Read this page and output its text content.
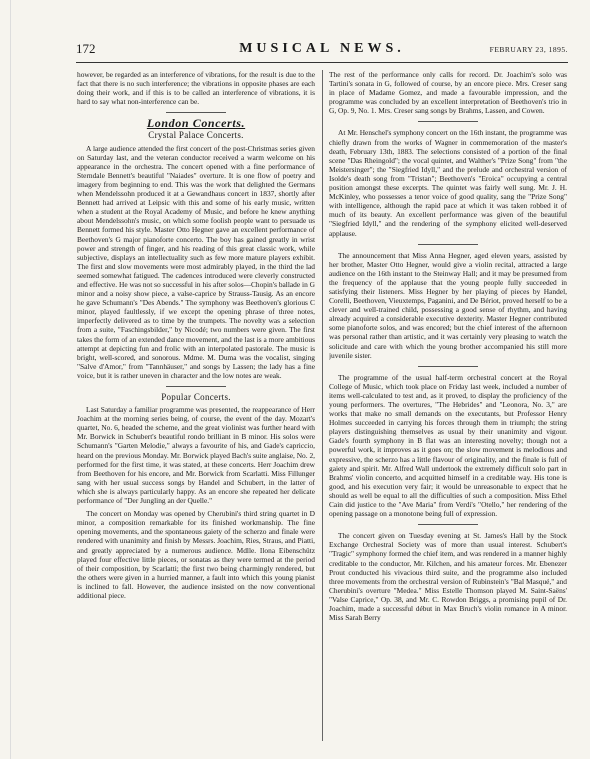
172	MUSICAL NEWS.	FEBRUARY 23, 1895.

however, be regarded as an interference of vibrations, for the result is due to the fact that there is no such interference; the vibrations in opposite phases are each doing their work, and if this is to be called an interference of vibrations, it is hard to say what non-interference can be.

London Concerts.
Crystal Palace Concerts.

A large audience attended the first concert of the post-Christmas series given on Saturday last, and the veteran conductor received a warm welcome on his appearance in the orchestra. The concert opened with a fine performance of Sterndale Bennett's beautiful "Naiades" overture. It is one flow of poetry and imagery from beginning to end. This was the work that delighted the Germans when Mendelssohn produced it at a Gewandhaus concert in 1837, shortly after Bennett had arrived at Leipsic with this and some of his early music, written when a student at the Royal Academy of Music, and before he knew anything about Mendelssohn's music, on which some foolish people want to persuade us Bennett formed his style. Master Otto Hegner gave an excellent performance of Beethoven's G major pianoforte concerto. The boy has gained greatly in wrist power and strength of finger, and his reading of this great classic work, while subjective, displays an intellectuality such as few more mature players exhibit. The first and slow movements were most admirably played, in the third the lad seemed somewhat fatigued. The cadences introduced were cleverly constructed and effective. He was not so successful in his after solos—Chopin's ballade in G minor and a noisy show piece, a valse-caprice by Strauss-Tausig. As an encore he gave Schumann's "Des Abends." The symphony was Beethoven's glorious C minor, played faultlessly, if we except the opening phrase of three notes, imperfectly delivered as to time by the trumpets. The novelty was a selection from a suite, "Faschingsbilder," by Nicodé; two numbers were given. The first takes the form of an extended dance movement, and the last is a more ambitious attempt at depicting fun and frolic with an interpolated pastorale. The music is bright, well-scored, and sonorous. Mdme. M. Duma was the vocalist, singing "Salve d'Amor," from "Tannhäuser," and songs by Lassen; the lady has a fine voice, but it is rather uneven in character and the low notes are weak.

Popular Concerts.

Last Saturday a familiar programme was presented, the reappearance of Herr Joachim at the morning series being, of course, the event of the day. Mozart's quartet, No. 6, headed the scheme, and the great violinist was further heard with Mr. Borwick in Schubert's beautiful rondo brilliant in B minor. His solos were Schumann's "Garten Melodie," always a favourite of his, and Gade's capriccio, heard on the previous Monday. Mr. Borwick played Bach's suite anglaise, No. 2, performed for the first time, it was stated, at these concerts. Herr Joachim drew from Beethoven for his encore, and Mr. Borwick from Scarlatti. Miss Fillunger sang with her usual success songs by Handel and Schubert, in the latter of which she is always particularly happy. As an encore she repeated her delicate performance of "Der Jungling an der Quelle."

The concert on Monday was opened by Cherubini's third string quartet in D minor, a composition remarkable for its finished workmanship. The fine opening movements, and the spontaneous gaiety of the scherzo and finale were rendered with unanimity and finish by Messrs. Joachim, Ries, Straus, and Piatti, and greatly appreciated by a numerous audience. Mdlle. Ilona Eibenschütz played four effective little pieces, or sonatas as they were termed at the period of their composition, by Scarlatti; the first two being charmingly rendered, but the others were given in a hurried manner, a fault into which this young pianist is inclined to fall. However, the audience insisted on the now conventional additional piece.

The rest of the performance only calls for record. Dr. Joachim's solo was Tartini's sonata in G, followed of course, by an encore piece. Mrs. Creser sang in place of Madame Gomez, and made a favourable impression, and the programme was concluded by an excellent interpretation of Beethoven's trio in G, Op. 9, No. 1. Mrs. Creser sang songs by Brahms, Lassen, and Cowen.

At Mr. Henschel's symphony concert on the 16th instant, the programme was chiefly drawn from the works of Wagner in commemoration of the master's death, February 13th, 1883. The selections consisted of a portion of the final scene "Das Rheingold"; the vocal quintet, and Walther's "Prize Song" from "the Meistersinger"; the "Siegfried Idyll," and the prelude and orchestral version of Isolde's death song from "Tristan"; Beethoven's "Eroica" occupying a central position amongst these excerpts. The quintet was fairly well sung. Mr. J. H. McKinley, who possesses a tenor voice of good quality, sang the "Prize Song" with intelligence, although the rapid pace at which it was taken robbed it of much of its beauty. An excellent performance was given of the beautiful "Siegfried Idyll," and the rendering of the symphony elicited well-deserved applause.

The announcement that Miss Anna Hegner, aged eleven years, assisted by her brother, Master Otto Hegner, would give a violin recital, attracted a large audience on the 16th instant to the Steinway Hall; and it may be presumed from the frequency of the applause that the young people fully succeeded in satisfying their listeners. Miss Hegner by her playing of pieces by Handel, Corelli, Beethoven, Vieuxtemps, Paganini, and De Bériot, proved herself to be a clever and well-trained child, possessing a good sense of rhythm, and having already acquired a considerable executive dexterity. Master Hegner contributed some pianoforte solos, and was encored; but the chief interest of the afternoon was personal rather than artistic, and it was certainly very pleasing to watch the solicitude and care with which the young brother accompanied his still more juvenile sister.

The programme of the usual half-term orchestral concert at the Royal College of Music, which took place on Friday last week, included a number of items well-calculated to test and, as it proved, to display the proficiency of the young performers. The overtures, "The Hebrides" and "Leonora, No. 3," are works that make no small demands on the executants, but Professor Henry Holmes succeeded in carrying his forces through them in triumph; the string players distinguishing themselves as usual by their unanimity and vigour. Gade's fourth symphony in B flat was an interesting novelty; though not a powerful work, it improves as it goes on; the slow movement is melodious and expressive, the scherzo has a little flavour of originality, and the finale is full of gaiety and spirit. Mr. Alfred Wall undertook the extremely difficult solo part in Brahms' violin concerto, and acquitted himself in a creditable way. His tone is good, and his execution very fair; it would be unreasonable to expect that he should as well be equal to all the difficulties of such a composition. Miss Ethel Cain did justice to the "Ave Maria" from Verdi's "Otello," her rendering of the opening passage on a monotone being full of expression.

The concert given on Tuesday evening at St. James's Hall by the Stock Exchange Orchestral Society was of more than usual interest. Schubert's "Tragic" symphony formed the chief item, and was rendered in a manner highly creditable to the conductor, Mr. Kilchen, and his amateur forces. Mr. Ebenezer Prout conducted his vivacious third suite, and the programme also included three movements from the orchestral version of Rubinstein's "Bal Masqué," and Cherubini's overture "Medea." Miss Estelle Thomson played M. Saint-Saëns' "Valse Caprice," Op. 38, and Mr. C. Rowdon Briggs, a promising pupil of Dr. Joachim, made a successful début in Max Bruch's violin romance in A minor. Miss Sarah Berry
